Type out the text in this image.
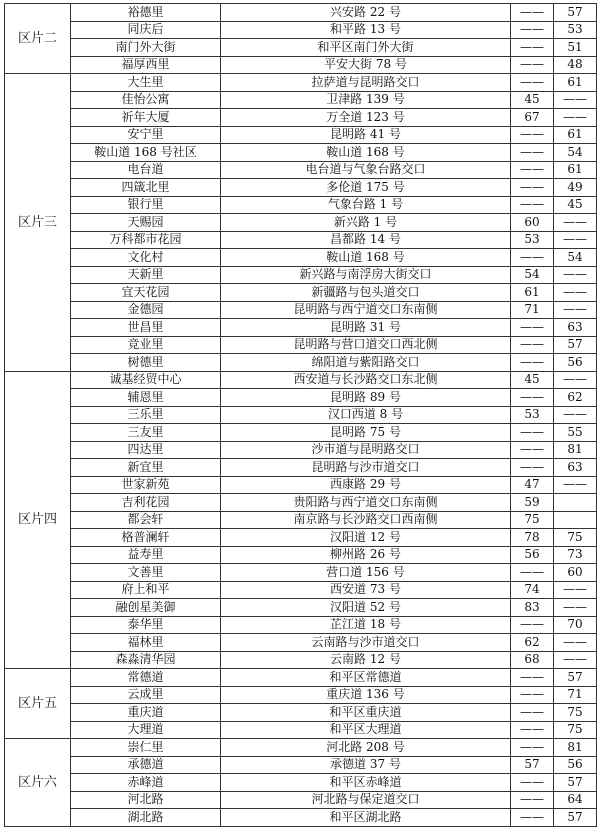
区片二	裕德里	兴安路 22 号	——	57
	同庆后	和平路 13 号	——	53
	南门外大街	和平区南门外大街	——	51
	福厚西里	平安大街 78 号	——	48
区片三	大生里	拉萨道与昆明路交口	——	61
	佳怡公寓	卫津路 139 号	45	——
	祈年大厦	万全道 123 号	67	——
	安宁里	昆明路 41 号	——	61
	鞍山道 168 号社区	鞍山道 168 号	——	54
	电台道	电台道与气象台路交口	——	61
	四箴北里	多伦道 175 号	——	49
	银行里	气象台路 1 号	——	45
	天赐园	新兴路 1 号	60	——
	万科都市花园	昌都路 14 号	53	——
	文化村	鞍山道 168 号	——	54
	天新里	新兴路与南浮房大街交口	54	——
	宜天花园	新疆路与包头道交口	61	——
	金德园	昆明路与西宁道交口东南侧	71	——
	世昌里	昆明路 31 号	——	63
	竞业里	昆明路与营口道交口西北侧	——	57
	树德里	绵阳道与紫阳路交口	——	56
区片四	诚基经贸中心	西安道与长沙路交口东北侧	45	——
	辅恩里	昆明路 89 号	——	62
	三乐里	汉口西道 8 号	53	——
	三友里	昆明路 75 号	——	55
	四达里	沙市道与昆明路交口	——	81
	新宜里	昆明路与沙市道交口	——	63
	世家新苑	西康路 29 号	47	——
	吉利花园	贵阳路与西宁道交口东南侧	59	
	都会轩	南京路与长沙路交口西南侧	75	
	格普澜轩	汉阳道 12 号	78	75
	益寿里	柳州路 26 号	56	73
	文善里	营口道 156 号	——	60
	府上和平	西安道 73 号	74	——
	融创星美御	汉阳道 52 号	83	——
	泰华里	芷江道 18 号	——	70
	福林里	云南路与沙市道交口	62	——
	森淼清华园	云南路 12 号	68	——
区片五	常德道	和平区常德道	——	57
	云成里	重庆道 136 号	——	71
	重庆道	和平区重庆道	——	75
	大理道	和平区大理道	——	75
区片六	崇仁里	河北路 208 号	——	81
	承德道	承德道 37 号	57	56
	赤峰道	和平区赤峰道	——	57
	河北路	河北路与保定道交口	——	64
	湖北路	和平区湖北路	——	57
